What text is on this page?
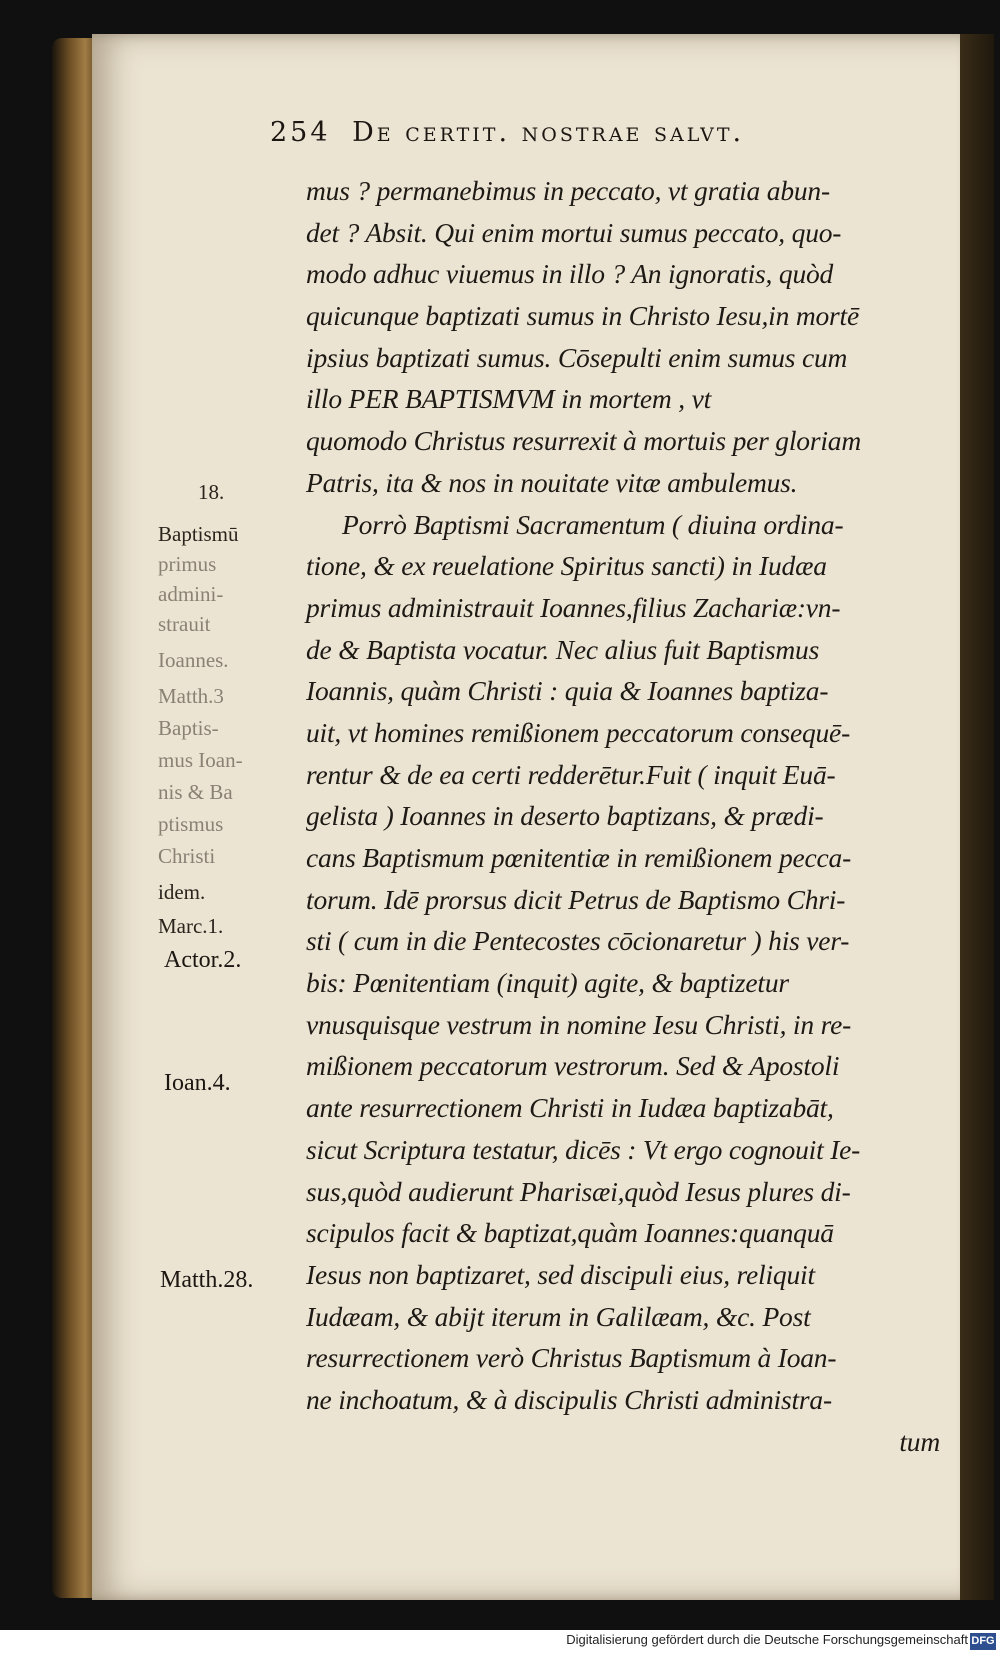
254 De certit. nostrae salvt.
mus ? permanebimus in peccato, vt gratia abun-
det ? Absit. Qui enim mortui sumus peccato, quo-
modo adhuc viuemus in illo ? An ignoratis, quòd
quicunque baptizati sumus in Christo Iesu,in mortē
ipsius baptizati sumus. Cōsepulti enim sumus cum
illo PER BAPTISMVM in mortem , vt
quomodo Christus resurrexit à mortuis per gloriam
Patris, ita & nos in nouitate vitæ ambulemus.
Porrò Baptismi Sacramentum ( diuina ordina-
tione, & ex reuelatione Spiritus sancti) in Iudæa
primus administrauit Ioannes,filius Zachariæ:vn-
de & Baptista vocatur. Nec alius fuit Baptismus
Ioannis, quàm Christi : quia & Ioannes baptiza-
uit, vt homines remißionem peccatorum consequē-
rentur & de ea certi redderētur.Fuit ( inquit Euā-
gelista ) Ioannes in deserto baptizans, & prædi-
cans Baptismum pœnitentiæ in remißionem pecca-
torum. Idē prorsus dicit Petrus de Baptismo Chri-
sti ( cum in die Pentecostes cōcionaretur ) his ver-
bis: Pœnitentiam (inquit) agite, & baptizetur
vnusquisque vestrum in nomine Iesu Christi, in re-
mißionem peccatorum vestrorum. Sed & Apostoli
ante resurrectionem Christi in Iudæa baptizabāt,
sicut Scriptura testatur, dicēs : Vt ergo cognouit Ie-
sus,quòd audierunt Pharisæi,quòd Iesus plures di-
scipulos facit & baptizat,quàm Ioannes:quanquā
Iesus non baptizaret, sed discipuli eius, reliquit
Iudæam, & abijt iterum in Galilæam, &c. Post
resurrectionem verò Christus Baptismum à Ioan-
ne inchoatum, & à discipulis Christi administra-
tum
18.
Baptismū
primus
admini-
strauit
Ioannes.
Matth.3
Baptis-
mus Ioan-
nis & Ba
ptismus
Christi
idem.
Marc.1.
Actor.2.
Ioan.4.
Matth.28.
Digitalisierung gefördert durch die Deutsche Forschungsgemeinschaft DFG
